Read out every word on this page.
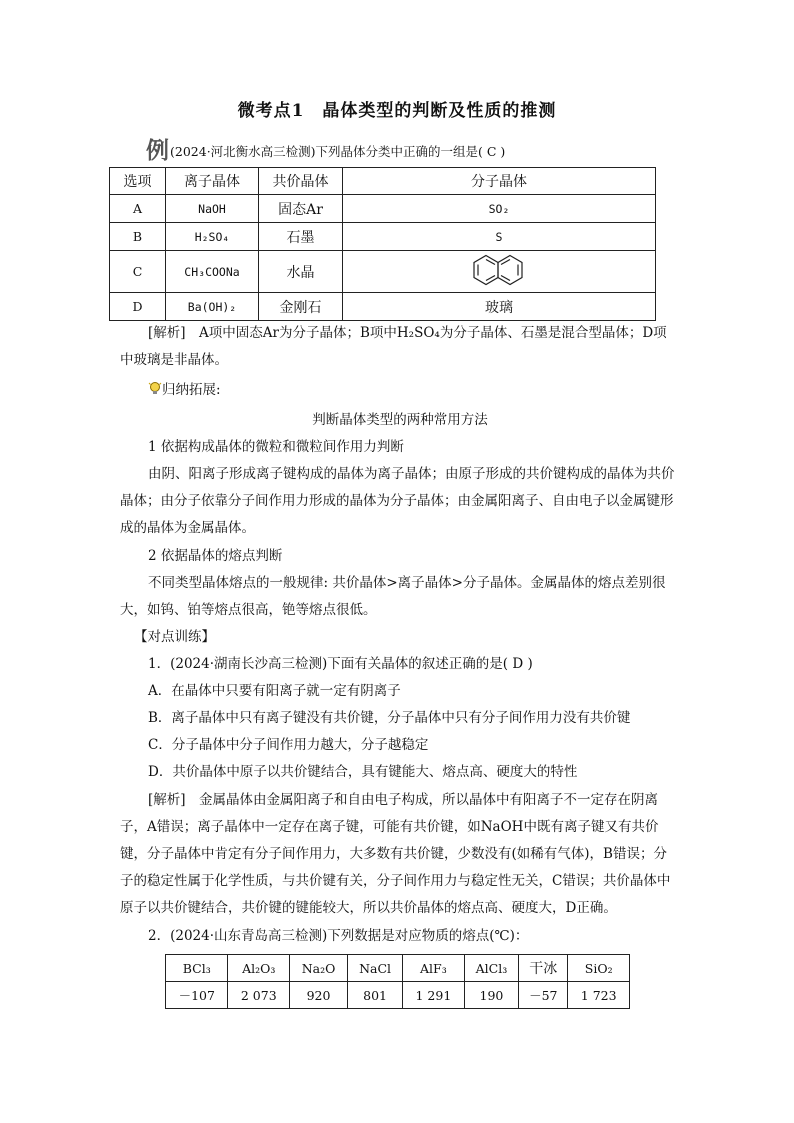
微考点1　晶体类型的判断及性质的推测
例(2024·河北衡水高三检测)下列晶体分类中正确的一组是( C )
选项	离子晶体	共价晶体	分子晶体
A	NaOH	固态Ar	SO₂
B	H₂SO₄	石墨	S
C	CH₃COONa	水晶	
D	Ba(OH)₂	金刚石	玻璃
[解析]　A项中固态Ar为分子晶体；B项中H₂SO₄为分子晶体、石墨是混合型晶体；D项中玻璃是非晶体。
归纳拓展:
判断晶体类型的两种常用方法
1 依据构成晶体的微粒和微粒间作用力判断
由阴、阳离子形成离子键构成的晶体为离子晶体；由原子形成的共价键构成的晶体为共价晶体；由分子依靠分子间作用力形成的晶体为分子晶体；由金属阳离子、自由电子以金属键形成的晶体为金属晶体。
2 依据晶体的熔点判断
不同类型晶体熔点的一般规律: 共价晶体>离子晶体>分子晶体。金属晶体的熔点差别很大，如钨、铂等熔点很高，铯等熔点很低。
【对点训练】
1．(2024·湖南长沙高三检测)下面有关晶体的叙述正确的是( D )
A．在晶体中只要有阳离子就一定有阴离子
B．离子晶体中只有离子键没有共价键，分子晶体中只有分子间作用力没有共价键
C．分子晶体中分子间作用力越大，分子越稳定
D．共价晶体中原子以共价键结合，具有键能大、熔点高、硬度大的特性
[解析]　金属晶体由金属阳离子和自由电子构成，所以晶体中有阳离子不一定存在阴离子，A错误；离子晶体中一定存在离子键，可能有共价键，如NaOH中既有离子键又有共价键，分子晶体中肯定有分子间作用力，大多数有共价键，少数没有(如稀有气体)，B错误；分子的稳定性属于化学性质，与共价键有关，分子间作用力与稳定性无关，C错误；共价晶体中原子以共价键结合，共价键的键能较大，所以共价晶体的熔点高、硬度大，D正确。
2．(2024·山东青岛高三检测)下列数据是对应物质的熔点(℃)：
BCl₃	Al₂O₃	Na₂O	NaCl	AlF₃	AlCl₃	干冰	SiO₂
－107	2 073	920	801	1 291	190	－57	1 723
